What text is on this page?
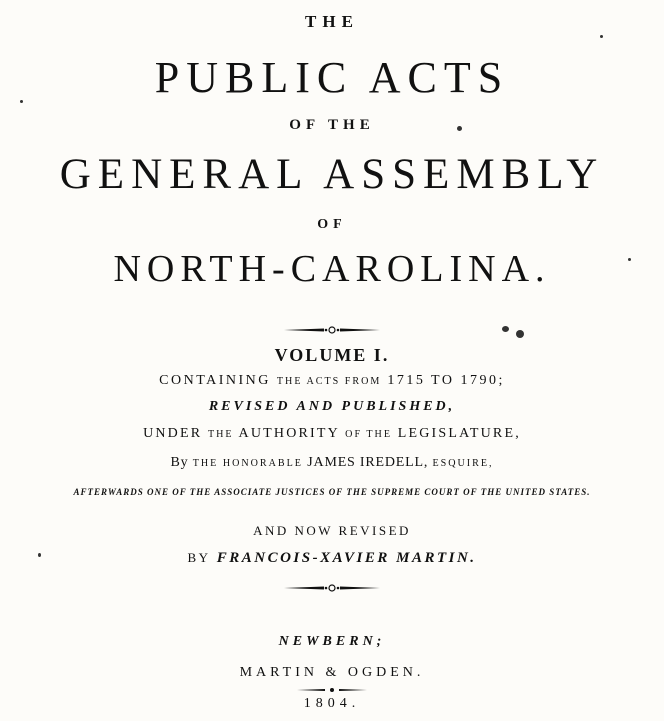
THE
PUBLIC ACTS
OF THE
GENERAL ASSEMBLY
OF
NORTH-CAROLINA.
VOLUME I.
CONTAINING THE ACTS FROM 1715 TO 1790;
REVISED AND PUBLISHED,
UNDER THE AUTHORITY OF THE LEGISLATURE,
By THE HONORABLE JAMES IREDELL, ESQUIRE,
AFTERWARDS ONE OF THE ASSOCIATE JUSTICES OF THE SUPREME COURT OF THE UNITED STATES.
AND NOW REVISED
BY FRANCOIS-XAVIER MARTIN.
NEWBERN;
MARTIN & OGDEN.
1804.
